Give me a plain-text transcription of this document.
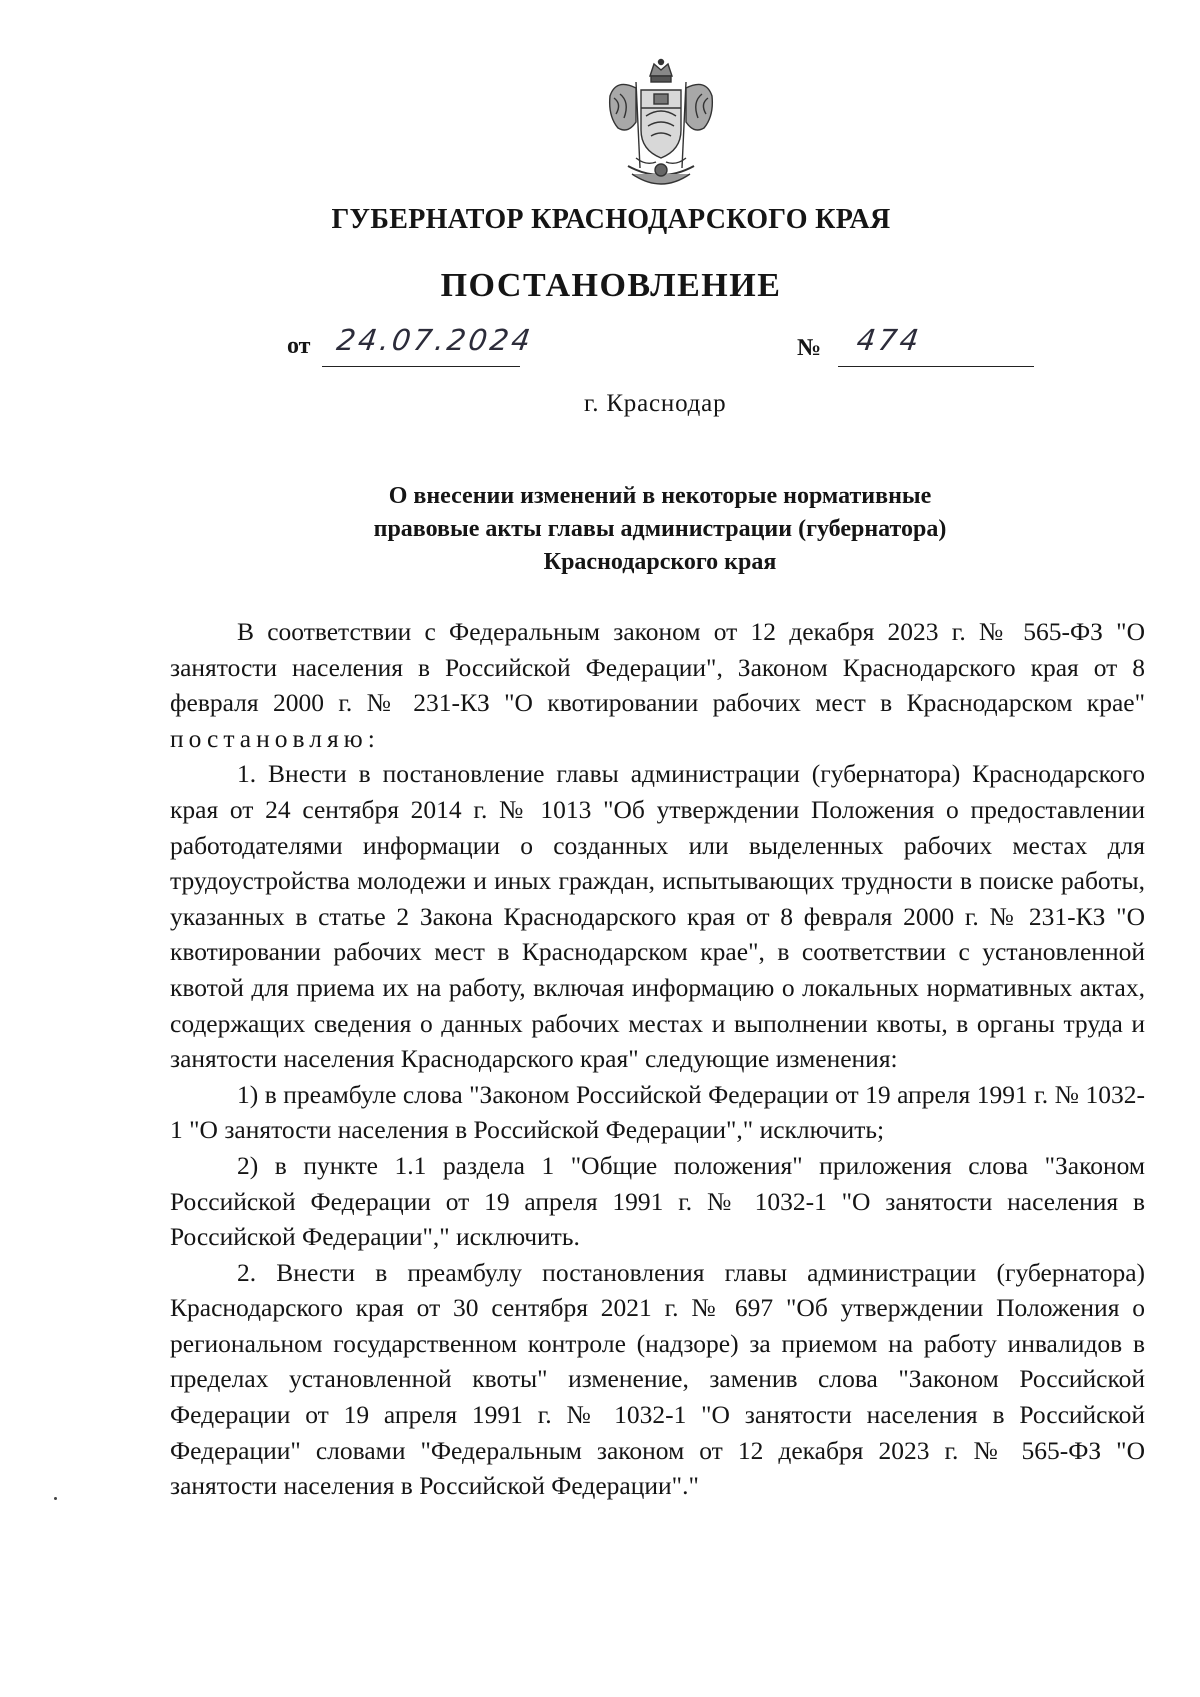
ГУБЕРНАТОР КРАСНОДАРСКОГО КРАЯ
ПОСТАНОВЛЕНИЕ
от 24.07.2024	№ 474
г. Краснодар
О внесении изменений в некоторые нормативные
правовые акты главы администрации (губернатора)
Краснодарского края

В соответствии с Федеральным законом от 12 декабря 2023 г. № 565-ФЗ "О занятости населения в Российской Федерации", Законом Краснодарского края от 8 февраля 2000 г. № 231-КЗ "О квотировании рабочих мест в Краснодарском крае" постановляю:

1. Внести в постановление главы администрации (губернатора) Краснодарского края от 24 сентября 2014 г. № 1013 "Об утверждении Положения о предоставлении работодателями информации о созданных или выделенных рабочих местах для трудоустройства молодежи и иных граждан, испытывающих трудности в поиске работы, указанных в статье 2 Закона Краснодарского края от 8 февраля 2000 г. № 231-КЗ "О квотировании рабочих мест в Краснодарском крае", в соответствии с установленной квотой для приема их на работу, включая информацию о локальных нормативных актах, содержащих сведения о данных рабочих местах и выполнении квоты, в органы труда и занятости населения Краснодарского края" следующие изменения:

1) в преамбуле слова "Законом Российской Федерации от 19 апреля 1991 г. № 1032-1 "О занятости населения в Российской Федерации"," исключить;

2) в пункте 1.1 раздела 1 "Общие положения" приложения слова "Законом Российской Федерации от 19 апреля 1991 г. № 1032-1 "О занятости населения в Российской Федерации"," исключить.

2. Внести в преамбулу постановления главы администрации (губернатора) Краснодарского края от 30 сентября 2021 г. № 697 "Об утверждении Положения о региональном государственном контроле (надзоре) за приемом на работу инвалидов в пределах установленной квоты" изменение, заменив слова "Законом Российской Федерации от 19 апреля 1991 г. № 1032-1 "О занятости населения в Российской Федерации" словами "Федеральным законом от 12 декабря 2023 г. № 565-ФЗ "О занятости населения в Российской Федерации"."
